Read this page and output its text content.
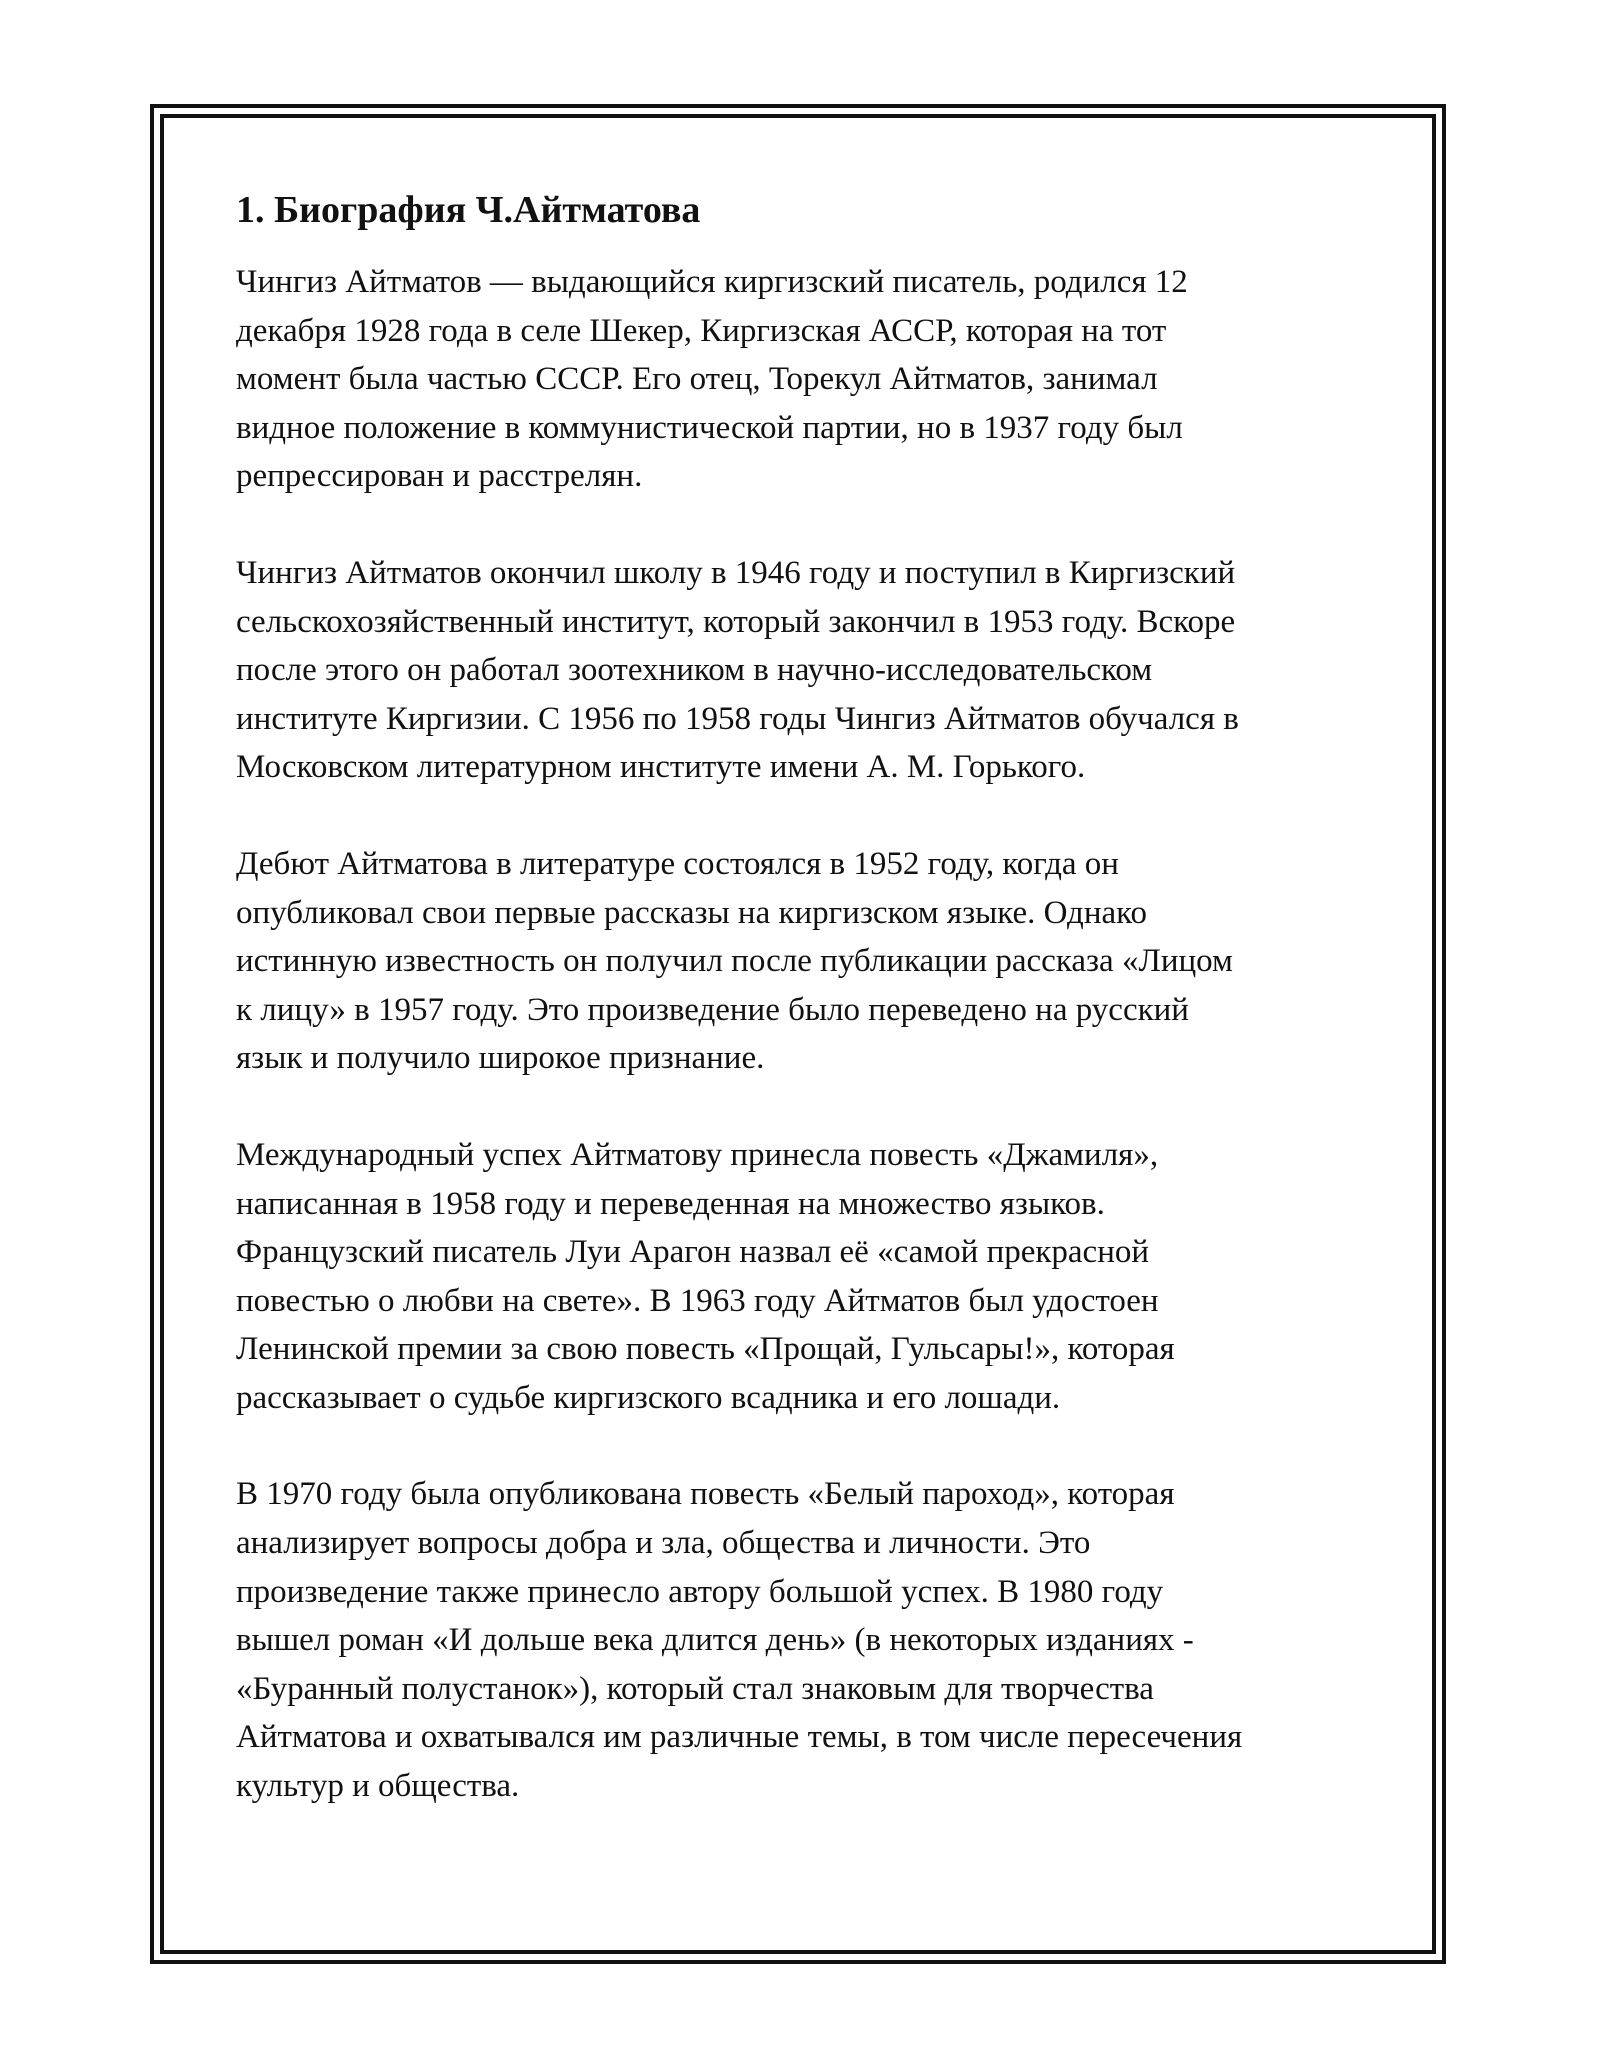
1. Биография Ч.Айтматова
Чингиз Айтматов — выдающийся киргизский писатель, родился 12
декабря 1928 года в селе Шекер, Киргизская АССР, которая на тот
момент была частью СССР. Его отец, Торекул Айтматов, занимал
видное положение в коммунистической партии, но в 1937 году был
репрессирован и расстрелян.
Чингиз Айтматов окончил школу в 1946 году и поступил в Киргизский
сельскохозяйственный институт, который закончил в 1953 году. Вскоре
после этого он работал зоотехником в научно-исследовательском
институте Киргизии. С 1956 по 1958 годы Чингиз Айтматов обучался в
Московском литературном институте имени А. М. Горького.
Дебют Айтматова в литературе состоялся в 1952 году, когда он
опубликовал свои первые рассказы на киргизском языке. Однако
истинную известность он получил после публикации рассказа «Лицом
к лицу» в 1957 году. Это произведение было переведено на русский
язык и получило широкое признание.
Международный успех Айтматову принесла повесть «Джамиля»,
написанная в 1958 году и переведенная на множество языков.
Французский писатель Луи Арагон назвал её «самой прекрасной
повестью о любви на свете». В 1963 году Айтматов был удостоен
Ленинской премии за свою повесть «Прощай, Гульсары!», которая
рассказывает о судьбе киргизского всадника и его лошади.
В 1970 году была опубликована повесть «Белый пароход», которая
анализирует вопросы добра и зла, общества и личности. Это
произведение также принесло автору большой успех. В 1980 году
вышел роман «И дольше века длится день» (в некоторых изданиях -
«Буранный полустанок»), который стал знаковым для творчества
Айтматова и охватывался им различные темы, в том числе пересечения
культур и общества.
